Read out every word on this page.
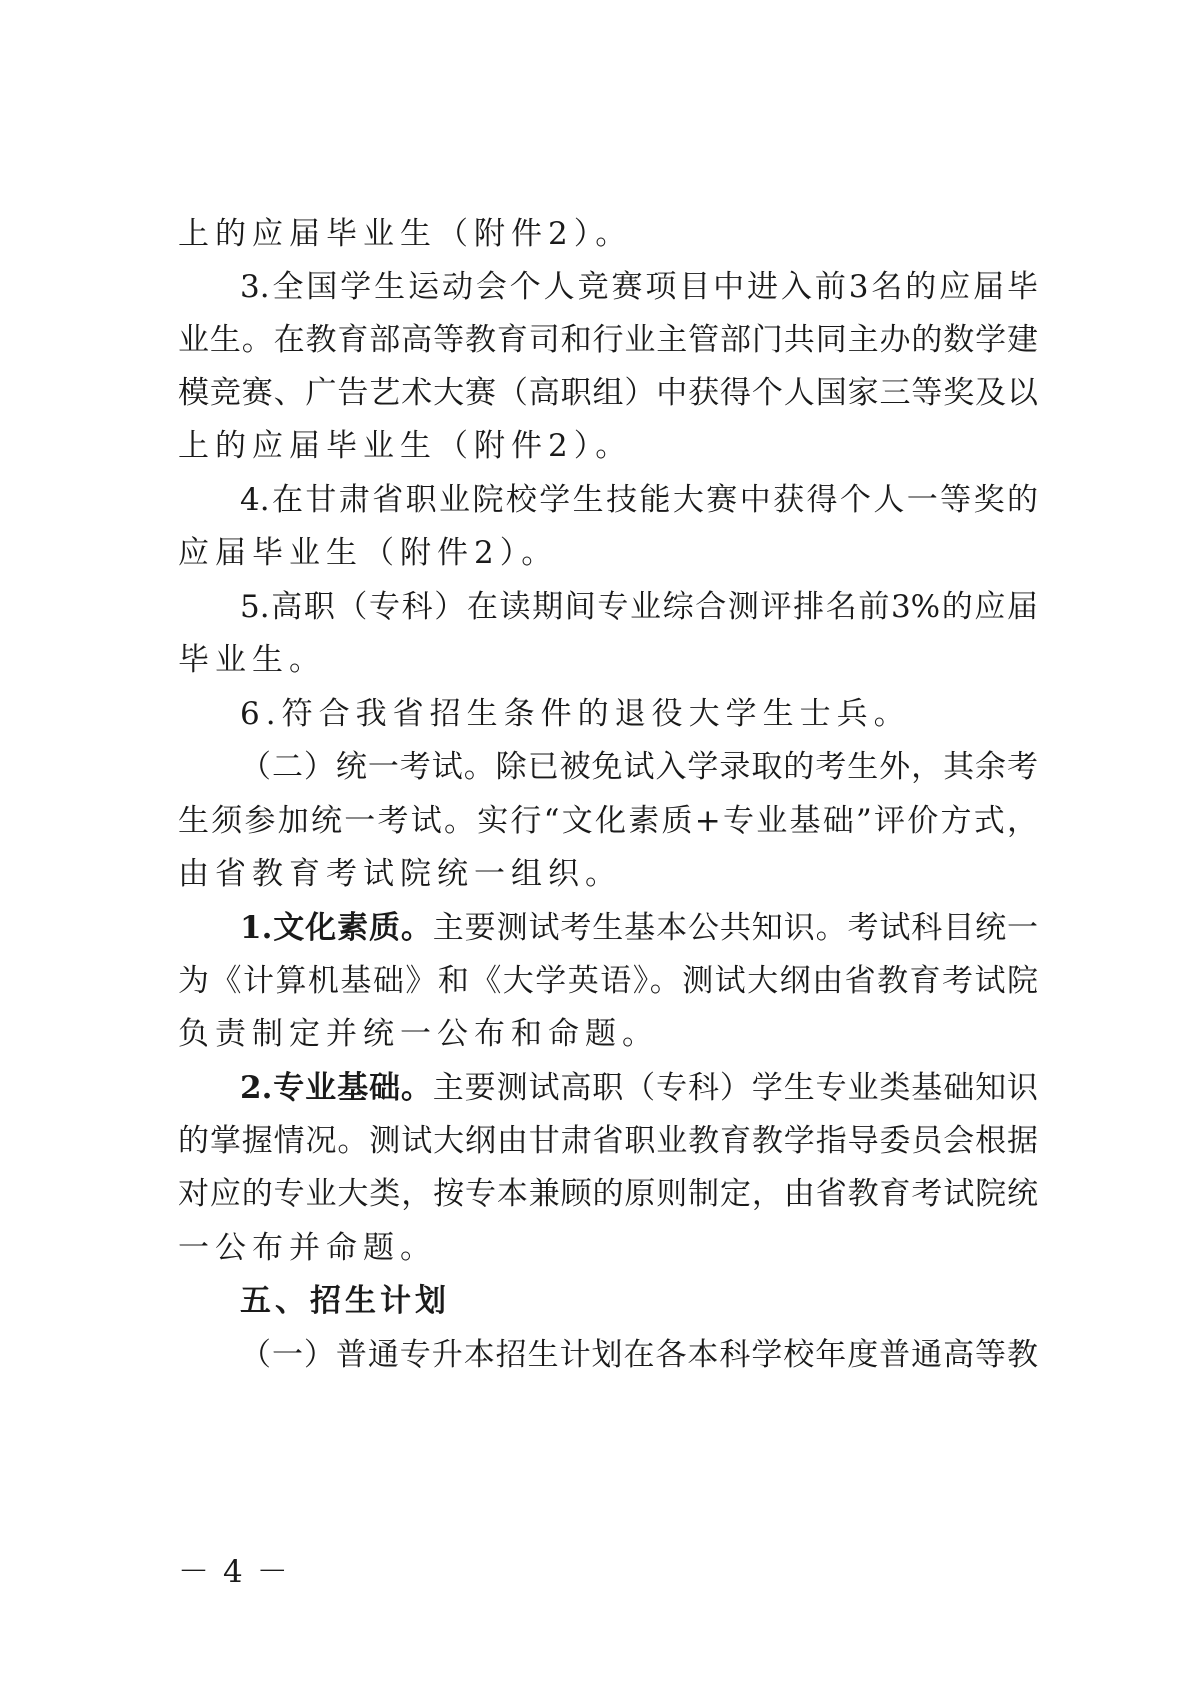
上的应届毕业生（附件2）。

3.全国学生运动会个人竞赛项目中进入前3名的应届毕

业生。在教育部高等教育司和行业主管部门共同主办的数学建

模竞赛、广告艺术大赛（高职组）中获得个人国家三等奖及以

上的应届毕业生（附件2）。

4.在甘肃省职业院校学生技能大赛中获得个人一等奖的

应届毕业生（附件2）。

5.高职（专科）在读期间专业综合测评排名前3%的应届

毕业生。

6.符合我省招生条件的退役大学生士兵。

（二）统一考试。除已被免试入学录取的考生外，其余考

生须参加统一考试。实行“文化素质+专业基础”评价方式，

由省教育考试院统一组织。

1.文化素质。主要测试考生基本公共知识。考试科目统一

为《计算机基础》和《大学英语》。测试大纲由省教育考试院

负责制定并统一公布和命题。

2.专业基础。主要测试高职（专科）学生专业类基础知识

的掌握情况。测试大纲由甘肃省职业教育教学指导委员会根据

对应的专业大类，按专本兼顾的原则制定，由省教育考试院统

一公布并命题。

五、招生计划

（一）普通专升本招生计划在各本科学校年度普通高等教

－4－
